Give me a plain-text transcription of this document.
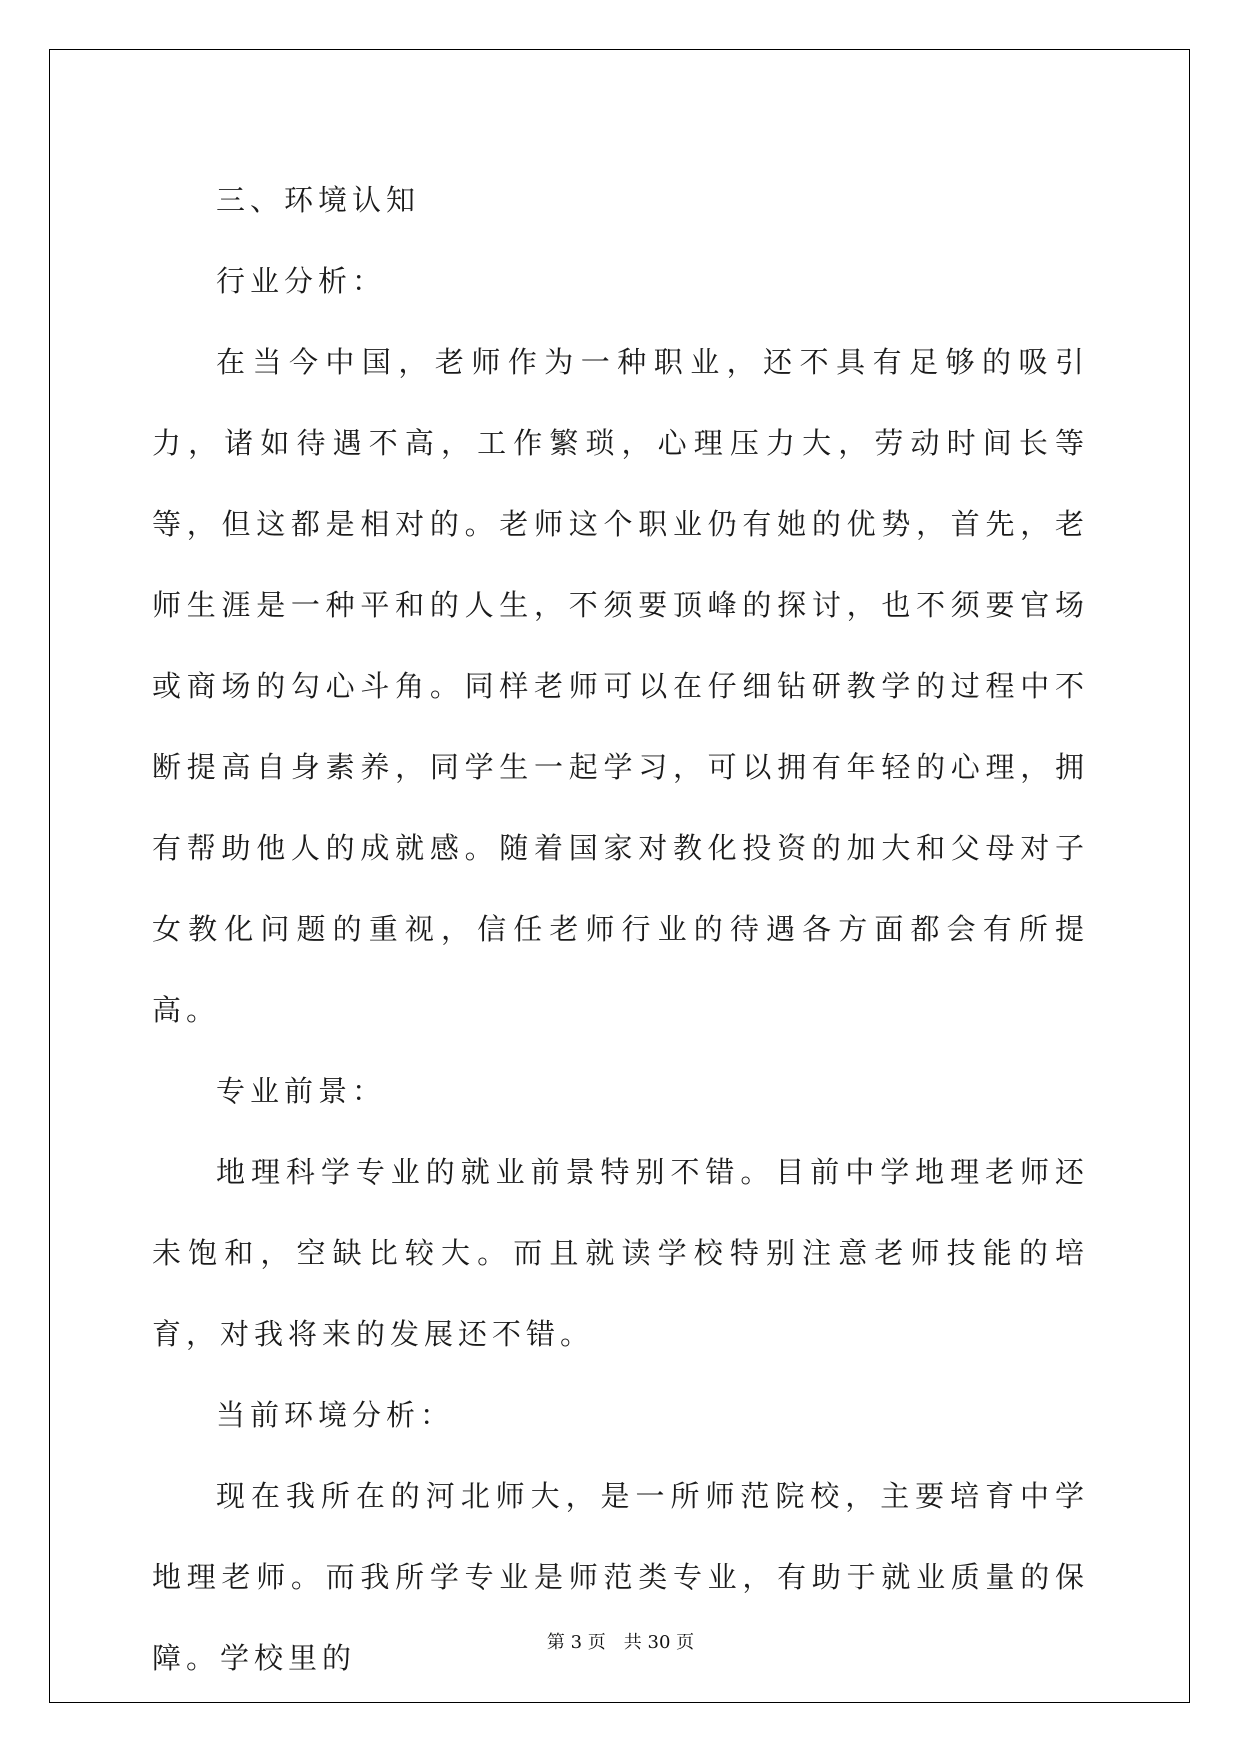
三、环境认知

行业分析：

在当今中国，老师作为一种职业，还不具有足够的吸引力，诸如待遇不高，工作繁琐，心理压力大，劳动时间长等等，但这都是相对的。老师这个职业仍有她的优势，首先，老师生涯是一种平和的人生，不须要顶峰的探讨，也不须要官场或商场的勾心斗角。同样老师可以在仔细钻研教学的过程中不断提高自身素养，同学生一起学习，可以拥有年轻的心理，拥有帮助他人的成就感。随着国家对教化投资的加大和父母对子女教化问题的重视，信任老师行业的待遇各方面都会有所提高。

专业前景：

地理科学专业的就业前景特别不错。目前中学地理老师还未饱和，空缺比较大。而且就读学校特别注意老师技能的培育，对我将来的发展还不错。

当前环境分析：

现在我所在的河北师大，是一所师范院校，主要培育中学地理老师。而我所学专业是师范类专业，有助于就业质量的保障。学校里的	第 3 页 共 30 页
